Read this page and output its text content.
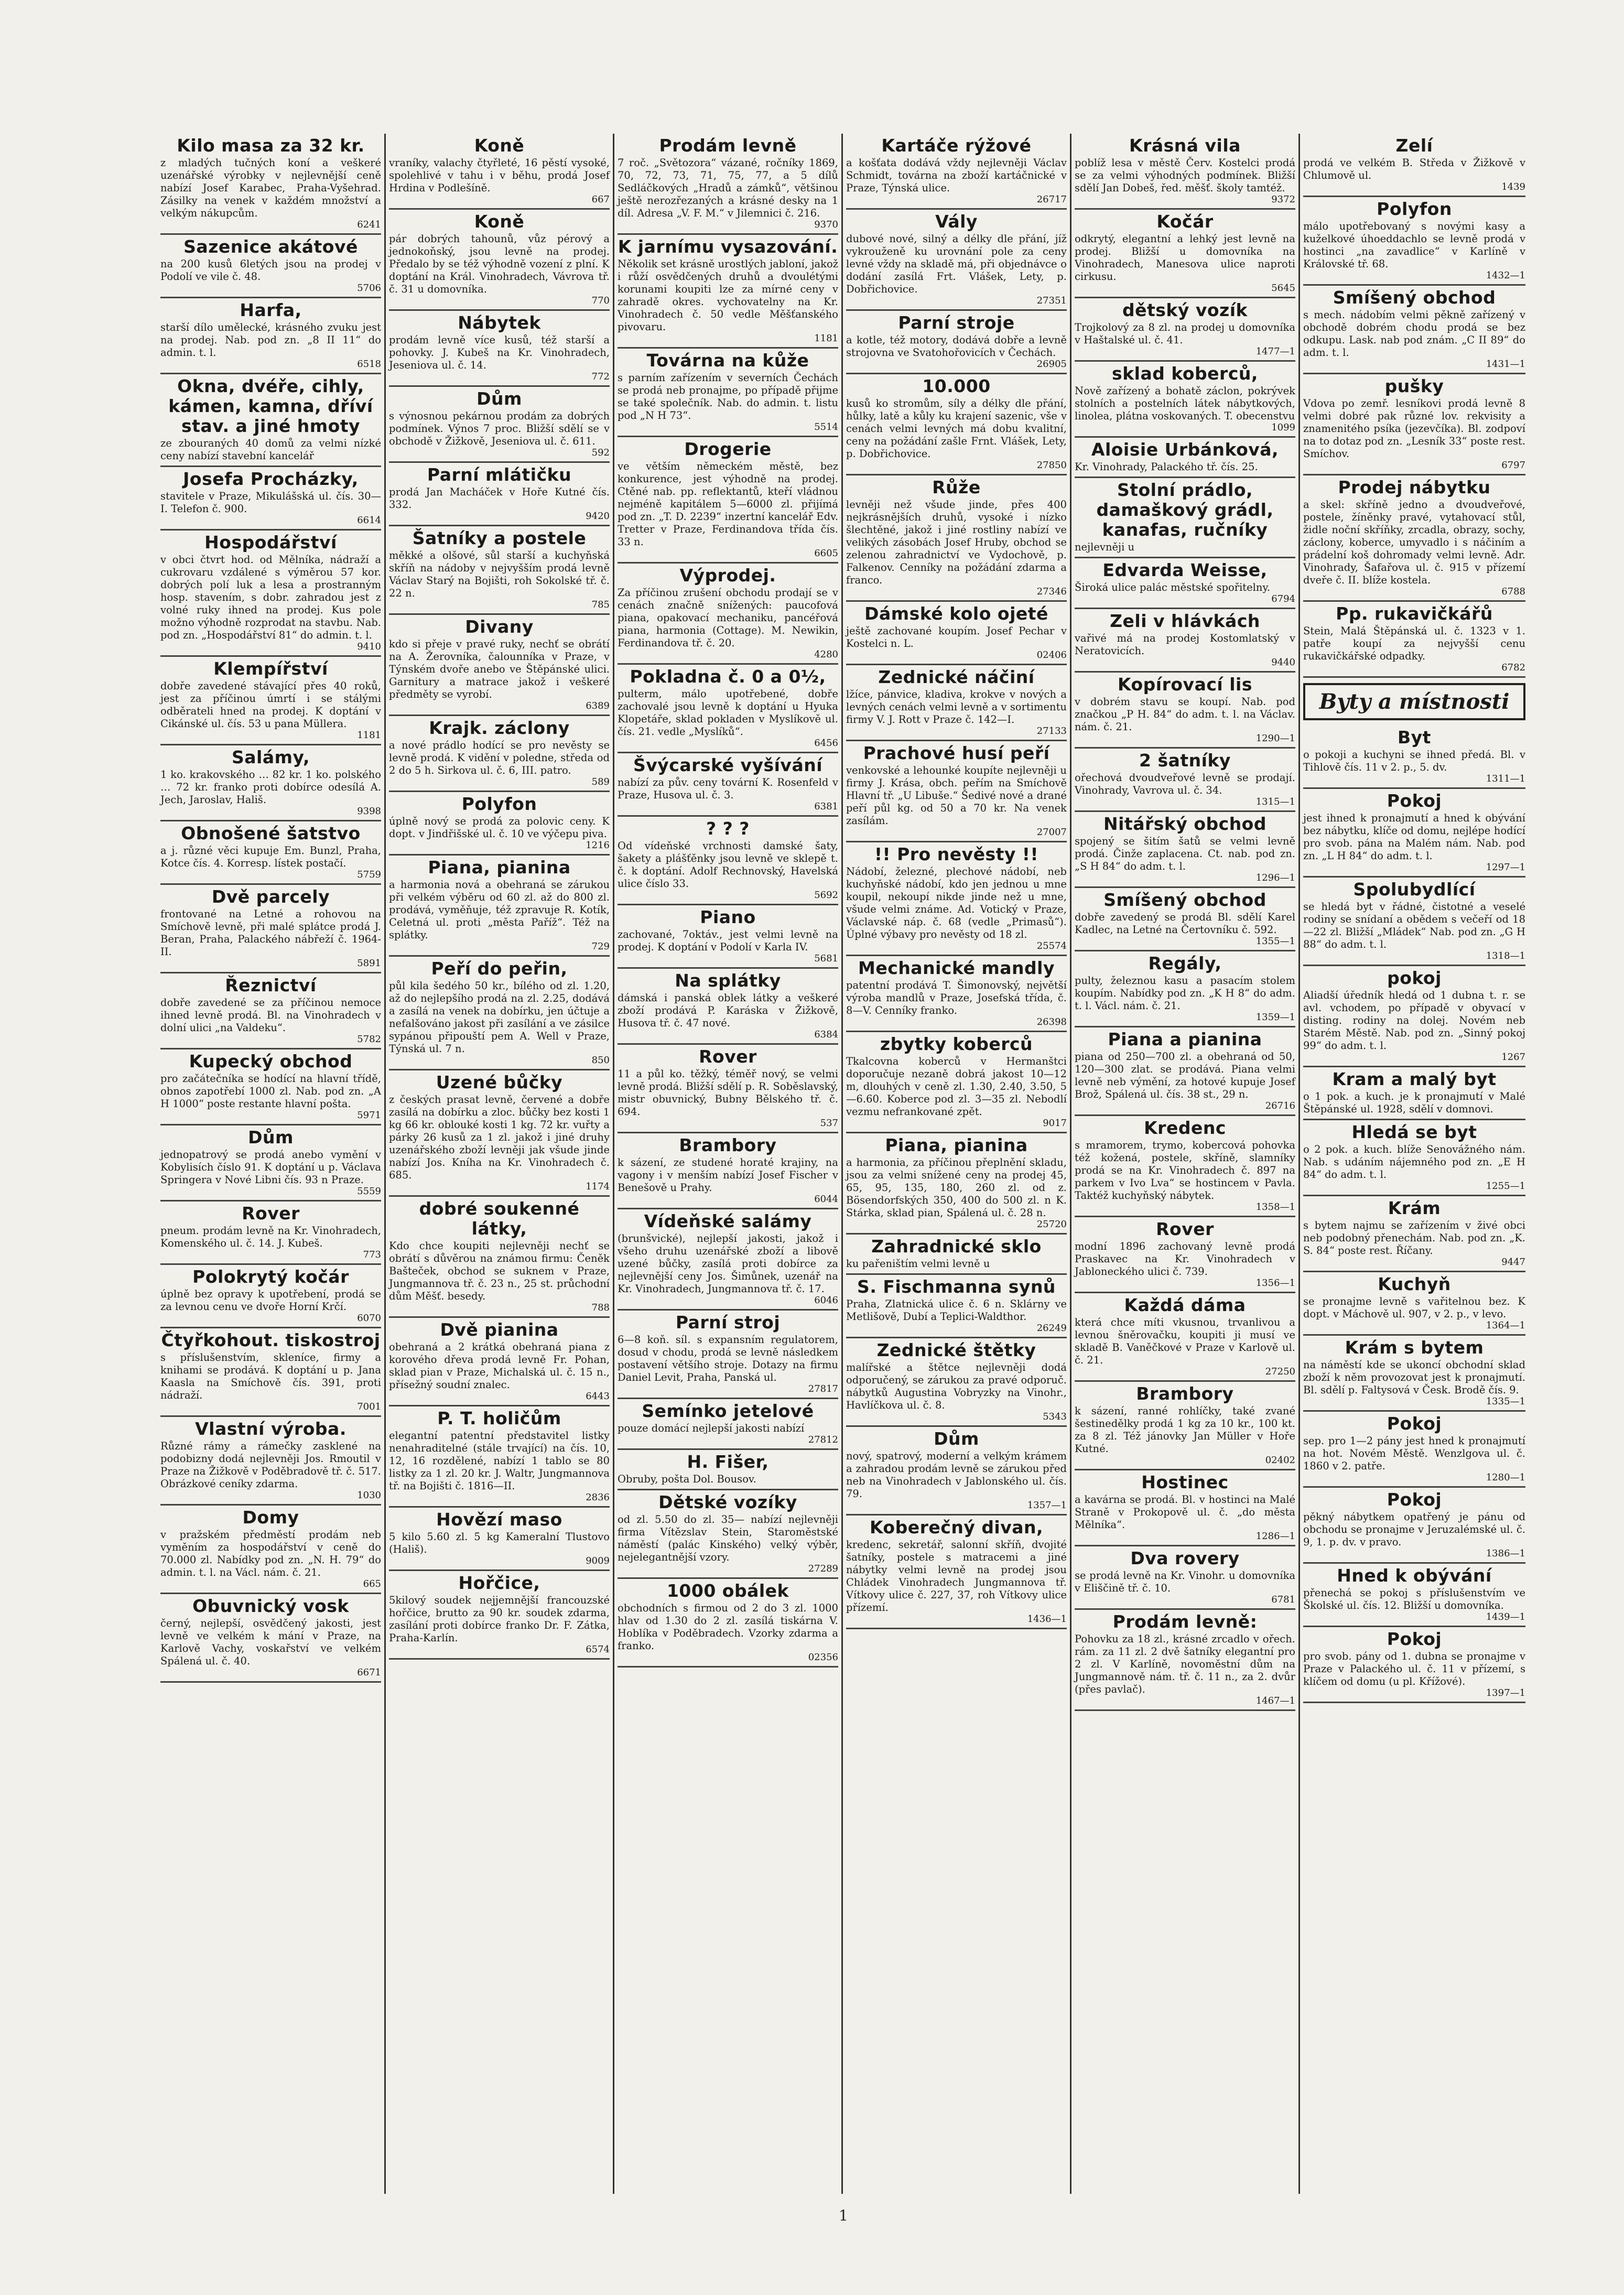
Kilo masa za 32 kr.

z mladých tučných koní a veškeré uzenářské výrobky v nejlevnější ceně nabízí Josef Karabec, Praha-Vyšehrad. Zásilky na venek v každém množství a velkým nákupcům.

6241
Sazenice akátové

na 200 kusů 6letých jsou na prodej v Podolí ve vile č. 48.

5706
Harfa,

starší dílo umělecké, krásného zvuku jest na prodej. Nab. pod zn. „8 II 11“ do admin. t. l.

6518
Okna, dvéře, cihly, kámen, kamna, dříví stav. a jiné hmoty

ze zbouraných 40 domů za velmi nízké ceny nabízí stavební kancelář

Josefa Procházky,

stavitele v Praze, Mikulášská ul. čís. 30—I. Telefon č. 900.

6614
Hospodářství

v obci čtvrt hod. od Mělníka, nádraží a cukrovaru vzdálené s výměrou 57 kor. dobrých polí luk a lesa a prostranným hosp. stavením, s dobr. zahradou jest z volné ruky ihned na prodej. Kus pole možno výhodně rozprodat na stavbu. Nab. pod zn. „Hospodářství 81“ do admin. t. l.

9410
Klempířství

dobře zavedené stávající přes 40 roků, jest za příčinou úmrtí i se stálými odběrateli hned na prodej. K doptání v Cikánské ul. čís. 53 u pana Müllera.

1181
Salámy,

1 ko. krakovského … 82 kr. 1 ko. polského … 72 kr. franko proti dobírce odesílá A. Jech, Jaroslav, Hališ.

9398
Obnošené šatstvo

a j. různé věci kupuje Em. Bunzl, Praha, Kotce čís. 4. Korresp. lístek postačí.

5759
Dvě parcely

frontované na Letné a rohovou na Smíchově levně, při malé splátce prodá J. Beran, Praha, Palackého nábřeží č. 1964-II.

5891
Řeznictví

dobře zavedené se za příčinou nemoce ihned levně prodá. Bl. na Vinohradech v dolní ulici „na Valdeku“.

5782
Kupecký obchod

pro začátečníka se hodící na hlavní třídě, obnos zapotřebí 1000 zl. Nab. pod zn. „A H 1000“ poste restante hlavní pošta.

5971
Dům

jednopatrový se prodá anebo vymění v Kobylisích číslo 91. K doptání u p. Václava Springera v Nové Libni čís. 93 n Praze.

5559
Rover

pneum. prodám levně na Kr. Vinohradech, Komenského ul. č. 14. J. Kubeš.

773
Polokrytý kočár

úplně bez opravy k upotřebení, prodá se za levnou cenu ve dvoře Horní Krčí.

6070
Čtyřkohout. tiskostroj

s příslušenstvím, skleníce, firmy a knihami se prodává. K doptání u p. Jana Kaasla na Smíchově čís. 391, proti nádraží.

7001
Vlastní výroba.

Různé rámy a rámečky zasklené na podobizny dodá nejlevněji Jos. Rmoutil v Praze na Žižkově v Poděbradově tř. č. 517. Obrázkové ceníky zdarma.

1030
Domy

v pražském předměstí prodám neb vyměním za hospodářství v ceně do 70.000 zl. Nabídky pod zn. „N. H. 79“ do admin. t. l. na Václ. nám. č. 21.

665
Obuvnický vosk

černý, nejlepší, osvědčený jakosti, jest levně ve velkém k mání v Praze, na Karlově Vachy, voskařství ve velkém Spálená ul. č. 40.

6671
Koně

vraníky, valachy čtyřleté, 16 pěstí vysoké, spolehlivé v tahu i v běhu, prodá Josef Hrdina v Podlešíně.

667
Koně

pár dobrých tahounů, vůz pérový a jednokoňský, jsou levně na prodej. Předalo by se též výhodně vození z plní. K doptání na Král. Vinohradech, Vávrova tř. č. 31 u domovníka.

770
Nábytek

prodám levně více kusů, též starší a pohovky. J. Kubeš na Kr. Vinohradech, Jeseniova ul. č. 14.

772
Dům

s výnosnou pekárnou prodám za dobrých podmínek. Výnos 7 proc. Bližší sdělí se v obchodě v Žižkově, Jeseniova ul. č. 611.

592
Parní mlátičku

prodá Jan Macháček v Hoře Kutné čís. 332.

9420
Šatníky a postele

měkké a olšové, sůl starší a kuchyňská skříň na nádoby v nejvyšším prodá levně Václav Starý na Bojišti, roh Sokolské tř. č. 22 n.

785
Divany

kdo si přeje v pravé ruky, nechť se obrátí na A. Žerovníka, čalounníka v Praze, v Týnském dvoře anebo ve Štěpánské ulici. Garnitury a matrace jakož i veškeré předměty se vyrobí.

6389
Krajk. záclony

a nové prádlo hodící se pro nevěsty se levně prodá. K vidění v poledne, středa od 2 do 5 h. Sirkova ul. č. 6, III. patro.

589
Polyfon

úplně nový se prodá za polovic ceny. K dopt. v Jindřišské ul. č. 10 ve výčepu piva.

1216
Piana, pianina

a harmonia nová a obehraná se zárukou při velkém výběru od 60 zl. až do 800 zl. prodává, vyměňuje, též zpravuje R. Kotík, Celetná ul. proti „města Paříž“. Též na splátky.

729
Peří do peřin,

půl kila šedého 50 kr., bílého od zl. 1.20, až do nejlepšího prodá na zl. 2.25, dodává a zasílá na venek na dobírku, jen účtuje a nefalšováno jakost při zasílání a ve zásilce sypánou připouští pem A. Well v Praze, Týnská ul. 7 n.

850
Uzené bůčky

z českých prasat levně, červené a dobře zasílá na dobírku a zloc. bůčky bez kosti 1 kg 66 kr. oblouké kosti 1 kg. 72 kr. vuřty a párky 26 kusů za 1 zl. jakož i jiné druhy uzenářského zboží levněji jak všude jinde nabízí Jos. Kníha na Kr. Vinohradech č. 685.

1174
dobré soukenné látky,

Kdo chce koupiti nejlevněji nechť se obrátí s důvěrou na známou firmu: Čeněk Bašteček, obchod se suknem v Praze, Jungmannova tř. č. 23 n., 25 st. průchodní dům Měšť. besedy.

788
Dvě pianina

obehraná a 2 krátká obehraná piana z korového dřeva prodá levně Fr. Pohan, sklad pian v Praze, Michalská ul. č. 15 n., přísežný soudní znalec.

6443
P. T. holičům

elegantní patentní představitel listky nenahraditelné (stále trvající) na čís. 10, 12, 16 rozdělené, nabízí 1 tablo se 80 listky za 1 zl. 20 kr. J. Waltr, Jungmannova tř. na Bojišti č. 1816—II.

2836
Hovězí maso

5 kilo 5.60 zl. 5 kg Kameralní Tlustovo (Hališ).

9009
Hořčice,

5kilový soudek nejjemnější francouzské hořčice, brutto za 90 kr. soudek zdarma, zasílání proti dobírce franko Dr. F. Zátka, Praha-Karlín.

6574
Prodám levně

7 roč. „Světozora“ vázané, ročníky 1869, 70, 72, 73, 71, 75, 77, a 5 dílů Sedláčkových „Hradů a zámků“, většinou ještě nerozřezaných a krásné desky na 1 díl. Adresa „V. F. M.“ v Jilemnici č. 216.

9370
K jarnímu vysazování.

Několik set krásně urostlých jabloní, jakož i růží osvědčených druhů a dvoulétými korunami koupiti lze za mírné ceny v zahradě okres. vychovatelny na Kr. Vinohradech č. 50 vedle Měšťanského pivovaru.

1181
Továrna na kůže

s parním zařízením v severních Čechách se prodá neb pronajme, po případě přijme se také společník. Nab. do admin. t. listu pod „N H 73“.

5514
Drogerie

ve větším německém městě, bez konkurence, jest výhodně na prodej. Ctěné nab. pp. reflektantů, kteří vládnou nejméně kapitálem 5—6000 zl. přijímá pod zn. „T. D. 2239“ inzertní kancelář Edv. Tretter v Praze, Ferdinandova třída čís. 33 n.

6605
Výprodej.

Za příčinou zrušení obchodu prodají se v cenách značně snížených: paucofová piana, opakovací mechaniku, pancéřová piana, harmonia (Cottage). M. Newikin, Ferdinandova tř. č. 20.

4280
Pokladna č. 0 a 0½,

pulterm, málo upotřebené, dobře zachovalé jsou levně k doptání u Hyuka Klopetáře, sklad pokladen v Myslíkově ul. čís. 21. vedle „Myslíků“.

6456
Švýcarské vyšívání

nabízí za pův. ceny tovární K. Rosenfeld v Praze, Husova ul. č. 3.

6381
? ? ?

Od vídeňské vrchnosti damské šaty, šakety a plášťěnky jsou levně ve sklepě t. č. k doptání. Adolf Rechnovský, Havelská ulice číslo 33.

5692
Piano

zachované, 7oktáv., jest velmi levně na prodej. K doptání v Podolí v Karla IV.

5681
Na splátky

dámská i panská oblek látky a veškeré zboží prodává P. Karáska v Žižkově, Husova tř. č. 47 nové.

6384
Rover

11 a půl ko. těžký, téměř nový, se velmi levně prodá. Bližší sdělí p. R. Soběslavský, mistr obuvnický, Bubny Bělského tř. č. 694.

537
Brambory

k sázení, ze studené horaté krajiny, na vagony i v menším nabízí Josef Fischer v Benešově u Prahy.

6044
Vídeňské salámy

(brunšvické), nejlepší jakosti, jakož i všeho druhu uzenářské zboží a libově uzené bůčky, zasílá proti dobírce za nejlevnější ceny Jos. Šimůnek, uzenář na Kr. Vinohradech, Jungmannova tř. č. 17.

6046
Parní stroj

6—8 koň. síl. s expansním regulatorem, dosud v chodu, prodá se levně následkem postavení většího stroje. Dotazy na firmu Daniel Levit, Praha, Panská ul.

27817
Semínko jetelové

pouze domácí nejlepší jakosti nabízí

27812
H. Fišer,

Obruby, pošta Dol. Bousov.

Dětské vozíky

od zl. 5.50 do zl. 35— nabízí nejlevněji firma Vítězslav Stein, Staroměstské náměstí (palác Kinského) velký výběr, nejelegantnější vzory.

27289
1000 obálek

obchodních s firmou od 2 do 3 zl. 1000 hlav od 1.30 do 2 zl. zasílá tiskárna V. Hoblíka v Poděbradech. Vzorky zdarma a franko.

02356
Kartáče rýžové

a košťata dodává vždy nejlevněji Václav Schmidt, továrna na zboží kartáčnické v Praze, Týnská ulice.

26717
Vály

dubové nové, silný a délky dle přání, jíž vykrouženě ku urovnání pole za ceny levné vždy na skladě má, při objednávce o dodání zasílá Frt. Vlášek, Lety, p. Dobřichovice.

27351
Parní stroje

a kotle, též motory, dodává dobře a levně strojovna ve Svatohořovicích v Čechách.

26905
10.000

kusů ko stromům, síly a délky dle přání, hůlky, latě a kůly ku krajení sazenic, vše v cenách velmi levných má dobu kvalitní, ceny na požádání zašle Frnt. Vlášek, Lety, p. Dobřichovice.

27850
Růže

levněji než všude jinde, přes 400 nejkrásnějších druhů, vysoké i nízko šlechtěné, jakož i jiné rostliny nabízí ve velikých zásobách Josef Hruby, obchod se zelenou zahradnictví ve Vydochově, p. Falkenov. Cenníky na požádání zdarma a franco.

27346
Dámské kolo ojeté

ještě zachované koupím. Josef Pechar v Kostelci n. L.

02406
Zednické náčiní

lžíce, pánvice, kladiva, krokve v nových a levných cenách velmi levně a v sortimentu firmy V. J. Rott v Praze č. 142—I.

27133
Prachové husí peří

venkovské a lehounké koupíte nejlevněji u firmy J. Krása, obch. peřím na Smíchově Hlavní tř. „U Libuše.“ Šedivé nové a drané peří půl kg. od 50 a 70 kr. Na venek zasílám.

27007
!! Pro nevěsty !!

Nádobí, železné, plechové nádobí, neb kuchyňské nádobí, kdo jen jednou u mne koupil, nekoupí nikde jinde než u mne, všude velmi známe. Ad. Votický v Praze, Václavské náp. č. 68 (vedle „Primasů“). Úplné výbavy pro nevěsty od 18 zl.

25574
Mechanické mandly

patentní prodává T. Šimonovský, největší výroba mandlů v Praze, Josefská třída, č. 8—V. Cenníky franko.

26398
zbytky koberců

Tkalcovna koberců v Hermanštci doporučuje nezaně dobrá jakost 10—12 m, dlouhých v ceně zl. 1.30, 2.40, 3.50, 5—6.60. Koberce pod zl. 3—35 zl. Nebodlí vezmu nefrankované zpět.

9017
Piana, pianina

a harmonia, za příčinou přeplnění skladu, jsou za velmi snížené ceny na prodej 45, 65, 95, 135, 180, 260 zl. od z. Bösendorfských 350, 400 do 500 zl. n K. Stárka, sklad pian, Spálená ul. č. 28 n.

25720
Zahradnické sklo

ku pařeništím velmi levně u

S. Fischmanna synů

Praha, Zlatnická ulice č. 6 n. Sklárny ve Metlišově, Dubí a Teplici-Waldthor.

26249
Zednické štětky

malířské a štětce nejlevněji dodá odporučený, se zárukou za pravé odporuč. nábytků Augustina Vobryzky na Vinohr., Havlíčkova ul. č. 8.

5343
Dům

nový, spatrový, moderní a velkým krámem a zahradou prodám levně se zárukou před neb na Vinohradech v Jablonského ul. čís. 79.

1357—1
Koberečný divan,

kredenc, sekretář, salonní skříň, dvojité šatníky, postele s matracemi a jiné nábytky velmi levně na prodej jsou Chládek Vinohradech Jungmannova tř. Vítkovy ulice č. 227, 37, roh Vítkovy ulice přízemí.

1436—1
Krásná vila

poblíž lesa v městě Červ. Kostelci prodá se za velmi výhodných podmínek. Bližší sdělí Jan Dobeš, řed. měšť. školy tamtéž.

9372
Kočár

odkrytý, elegantní a lehký jest levně na prodej. Bližší u domovníka na Vinohradech, Manesova ulice naproti cirkusu.

5645
dětský vozík

Trojkolový za 8 zl. na prodej u domovníka v Haštalské ul. č. 41.

1477—1
sklad koberců,

Nově zařízený a bohatě záclon, pokrývek stolních a postelních látek nábytkových, linolea, plátna voskovaných. T. obecenstvu

1099
Aloisie Urbánková,

Kr. Vinohrady, Palackého tř. čís. 25.

Stolní prádlo, damaškový grádl, kanafas, ručníky

nejlevněji u

Edvarda Weisse,

Široká ulice palác městské spořitelny.

6794
Zeli v hlávkách

vařivé má na prodej Kostomlatský v Neratovicích.

9440
Kopírovací lis

v dobrém stavu se koupí. Nab. pod značkou „P H. 84“ do adm. t. l. na Václav. nám. č. 21.

1290—1
2 šatníky

ořechová dvoudveřové levně se prodají. Vinohrady, Vavrova ul. č. 34.

1315—1
Nitářský obchod

spojený se šitím šatů se velmi levně prodá. Činže zaplacena. Ct. nab. pod zn. „S H 84“ do adm. t. l.

1296—1
Smíšený obchod

dobře zavedený se prodá Bl. sdělí Karel Kadlec, na Letné na Čertovníku č. 592.

1355—1
Regály,

pulty, železnou kasu a pasacím stolem koupím. Nabídky pod zn. „K H 8“ do adm. t. l. Václ. nám. č. 21.

1359—1
Piana a pianina

piana od 250—700 zl. a obehraná od 50, 120—300 zlat. se prodává. Piana velmi levně neb výmění, za hotové kupuje Josef Brož, Spálená ul. čís. 38 st., 29 n.

26716
Kredenc

s mramorem, trymo, kobercová pohovka též kožená, postele, skříně, slamníky prodá se na Kr. Vinohradech č. 897 na parkem v Ivo Lva“ se hostincem v Pavla. Taktéž kuchyňský nábytek.

1358—1
Rover

modní 1896 zachovaný levně prodá Praskavec na Kr. Vinohradech v Jabloneckého ulici č. 739.

1356—1
Každá dáma

která chce míti vkusnou, trvanlivou a levnou šněrovačku, koupiti ji musí ve skladě B. Vaněčkové v Praze v Karlově ul. č. 21.

27250
Brambory

k sázení, ranné rohlíčky, také zvané šestinedělky prodá 1 kg za 10 kr., 100 kt. za 8 zl. Též jánovky Jan Müller v Hoře Kutné.

02402
Hostinec

a kavárna se prodá. Bl. v hostinci na Malé Straně v Prokopově ul. č. „do města Mělníka“.

1286—1
Dva rovery

se prodá levně na Kr. Vinohr. u domovníka v Eliščině tř. č. 10.

6781
Prodám levně:

Pohovku za 18 zl., krásné zrcadlo v ořech. rám. za 11 zl. 2 dvě šatníky elegantní pro 2 zl. V Karlíně, novoměstní dům na Jungmannově nám. tř. č. 11 n., za 2. dvůr (přes pavlač).

1467—1
Zelí

prodá ve velkém B. Středa v Žižkově v Chlumově ul.

1439
Polyfon

málo upotřebovaný s novými kasy a kuželkové úhoeddachlo se levně prodá v hostinci „na zavadlice“ v Karlíně v Královské tř. 68.

1432—1
Smíšený obchod

s mech. nádobím velmi pěkně zařízený v obchodě dobrém chodu prodá se bez odkupu. Lask. nab pod znám. „C II 89“ do adm. t. l.

1431—1
pušky

Vdova po zemř. lesníkovi prodá levně 8 velmi dobré pak různé lov. rekvisity a znamenitého psíka (jezevčíka). Bl. zodpoví na to dotaz pod zn. „Lesník 33“ poste rest. Smíchov.

6797
Prodej nábytku

a skel: skříně jedno a dvoudveřové, postele, žíněnky pravé, vytahovací stůl, židle noční skříňky, zrcadla, obrazy, sochy, záclony, koberce, umyvadlo i s náčiním a prádelní koš dohromady velmi levně. Adr. Vinohrady, Šafařova ul. č. 915 v přízemí dveře č. II. blíže kostela.

6788
Pp. rukavičkářů

Stein, Malá Štěpánská ul. č. 1323 v 1. patře koupí za nejvyšší cenu rukavičkářské odpadky.

6782
Byty a místnosti
Byt

o pokoji a kuchyni se ihned předá. Bl. v Tihlově čís. 11 v 2. p., 5. dv.

1311—1
Pokoj

jest ihned k pronajmutí a hned k obývání bez nábytku, klíče od domu, nejlépe hodící pro svob. pána na Malém nám. Nab. pod zn. „L H 84“ do adm. t. l.

1297—1
Spolubydlící

se hledá byt v řádné, čistotné a veselé rodiny se snídaní a obědem s večeří od 18—22 zl. Bližší „Mládek“ Nab. pod zn. „G H 88“ do adm. t. l.

1318—1
pokoj

Aliadší úředník hledá od 1 dubna t. r. se avl. vchodem, po případě v obyvací v disting. rodiny na dolej. Novém neb Starém Městě. Nab. pod zn. „Sinný pokoj 99“ do adm. t. l.

1267
Kram a malý byt

o 1 pok. a kuch. je k pronajmutí v Malé Štěpánské ul. 1928, sdělí v domnovi.

Hledá se byt

o 2 pok. a kuch. blíže Senovážného nám. Nab. s udáním nájemného pod zn. „E H 84“ do adm. t. l.

1255—1
Krám

s bytem najmu se zařízením v živé obci neb podobný přenechám. Nab. pod zn. „K. S. 84“ poste rest. Říčany.

9447
Kuchyň

se pronajme levně s vařitelnou bez. K dopt. v Máchově ul. 907, v 2. p., v levo.

1364—1
Krám s bytem

na náměstí kde se ukoncí obchodní sklad zboží k něm provozovat jest k pronajmutí. Bl. sdělí p. Faltysová v Česk. Brodě čís. 9.

1335—1
Pokoj

sep. pro 1—2 pány jest hned k pronajmutí na hot. Novém Městě. Wenzlgova ul. č. 1860 v 2. patře.

1280—1
Pokoj

pěkný nábytkem opatřený je pánu od obchodu se pronajme v Jeruzalémské ul. č. 9, 1. p. dv. v pravo.

1386—1
Hned k obývání

přenechá se pokoj s příslušenstvím ve Školské ul. čís. 12. Bližší u domovníka.

1439—1
Pokoj

pro svob. pány od 1. dubna se pronajme v Praze v Palackého ul. č. 11 v přízemí, s klíčem od domu (u pl. Křížové).

1397—1
1
